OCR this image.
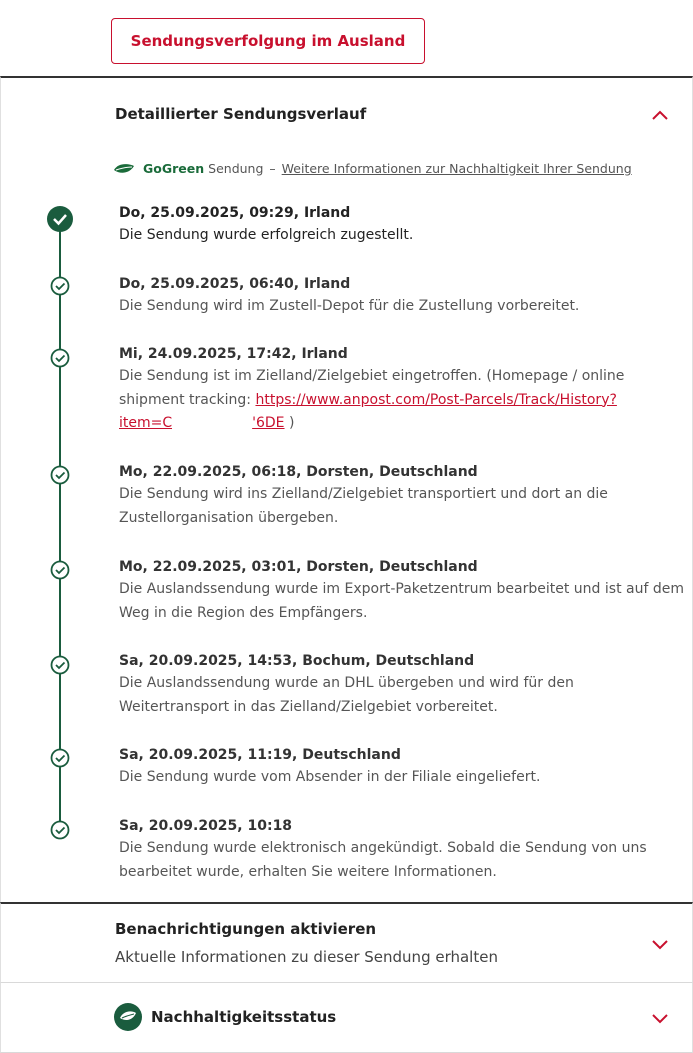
Sendungsverfolgung im Ausland
Detaillierter Sendungsverlauf
GoGreen Sendung – Weitere Informationen zur Nachhaltigkeit Ihrer Sendung
Do, 25.09.2025, 09:29, Irland
Die Sendung wurde erfolgreich zugestellt.
Do, 25.09.2025, 06:40, Irland
Die Sendung wird im Zustell-Depot für die Zustellung vorbereitet.
Mi, 24.09.2025, 17:42, Irland
Die Sendung ist im Zielland/Zielgebiet eingetroffen. (Homepage / online shipment tracking: https://www.anpost.com/Post-Parcels/Track/History?
item=C	'6DE )
Mo, 22.09.2025, 06:18, Dorsten, Deutschland
Die Sendung wird ins Zielland/Zielgebiet transportiert und dort an die Zustellorganisation übergeben.
Mo, 22.09.2025, 03:01, Dorsten, Deutschland
Die Auslandssendung wurde im Export-Paketzentrum bearbeitet und ist auf dem Weg in die Region des Empfängers.
Sa, 20.09.2025, 14:53, Bochum, Deutschland
Die Auslandssendung wurde an DHL übergeben und wird für den Weitertransport in das Zielland/Zielgebiet vorbereitet.
Sa, 20.09.2025, 11:19, Deutschland
Die Sendung wurde vom Absender in der Filiale eingeliefert.
Sa, 20.09.2025, 10:18
Die Sendung wurde elektronisch angekündigt. Sobald die Sendung von uns bearbeitet wurde, erhalten Sie weitere Informationen.
Benachrichtigungen aktivieren
Aktuelle Informationen zu dieser Sendung erhalten
Nachhaltigkeitsstatus
